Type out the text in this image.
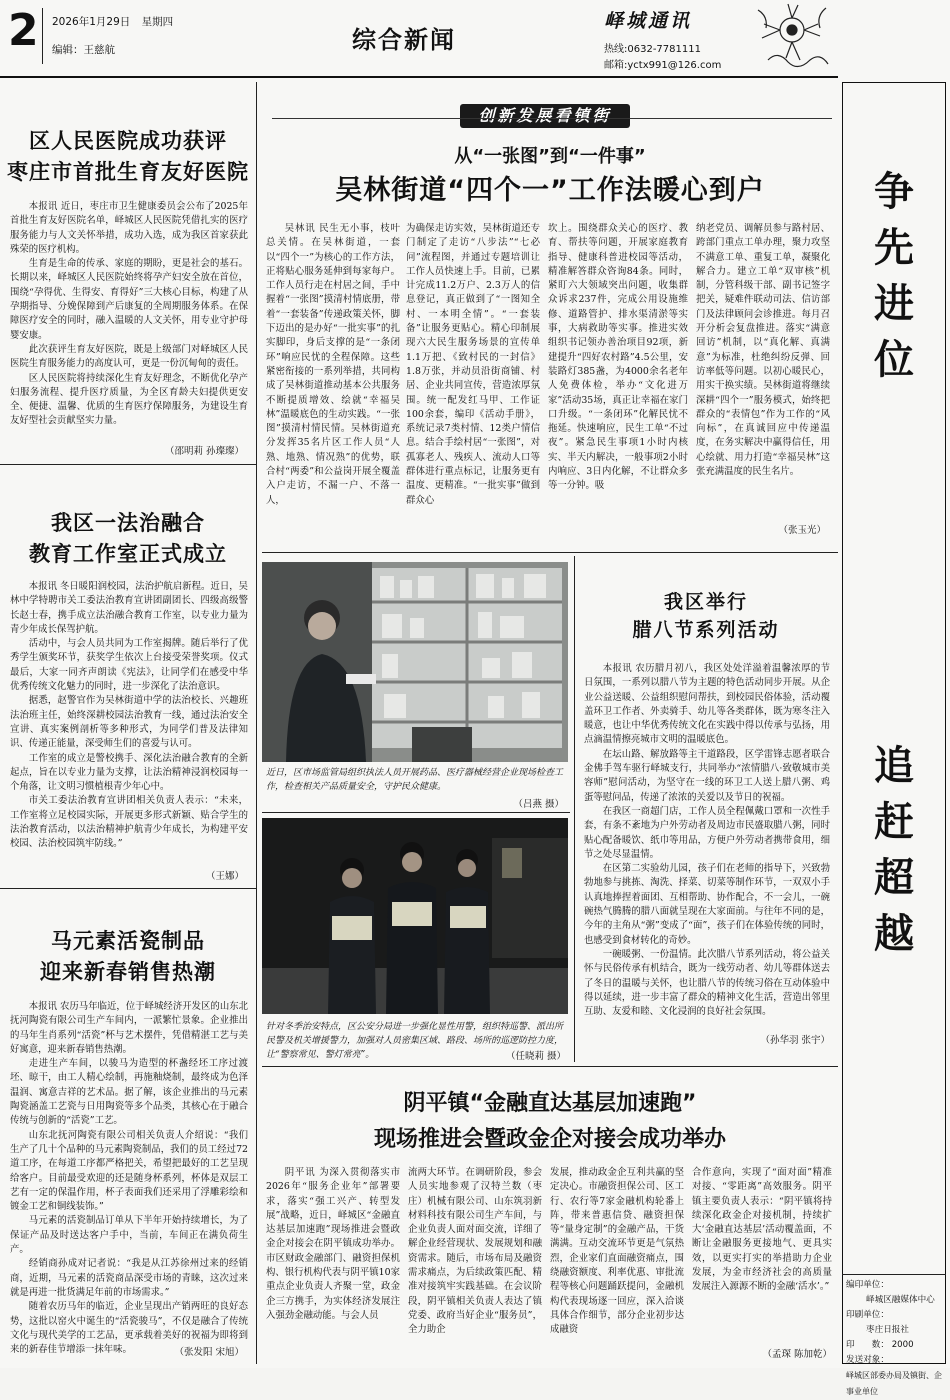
2 2026年1月29日 星期四
编辑：王慈航	综合新闻
峄城通讯
热线:0632-7781111
邮箱:yctx991@126.com
区人民医院成功获评
枣庄市首批生育友好医院

本报讯 近日，枣庄市卫生健康委员会公布了2025年首批生育友好医院名单，峄城区人民医院凭借扎实的医疗服务能力与人文关怀举措，成功入选，成为我区首家获此殊荣的医疗机构。

生育是生命的传承、家庭的期盼，更是社会的基石。长期以来，峄城区人民医院始终将孕产妇安全放在首位，围绕“孕得优、生得安、育得好”三大核心目标，构建了从孕期指导、分娩保障到产后康复的全周期服务体系。在保障医疗安全的同时，融入温暖的人文关怀，用专业守护母婴安康。

此次获评生育友好医院，既是上级部门对峄城区人民医院生育服务能力的高度认可，更是一份沉甸甸的责任。

区人民医院将持续深化生育友好理念，不断优化孕产妇服务流程、提升医疗质量，为全区育龄夫妇提供更安全、便捷、温馨、优质的生育医疗保障服务，为建设生育友好型社会贡献坚实力量。

（邵明莉 孙璨璨）
我区一法治融合
教育工作室正式成立

本报讯 冬日暖阳润校园，法治护航启新程。近日，吴林中学特聘市关工委法治教育宣讲团副团长、四级高级警长赵士春，携手成立法治融合教育工作室，以专业力量为青少年成长保驾护航。

活动中，与会人员共同为工作室揭牌。随后举行了优秀学生颁奖环节，获奖学生依次上台接受荣誉奖项。仪式最后，大家一同齐声朗读《宪法》，让同学们在感受中华优秀传统文化魅力的同时，进一步深化了法治意识。

据悉，赵警官作为吴林街道中学的法治校长、兴趣班法治班主任，始终深耕校园法治教育一线，通过法治安全宣讲、真实案例剖析等多种形式，为同学们普及法律知识、传递正能量，深受师生们的喜爱与认可。

工作室的成立是警校携手、深化法治融合教育的全新起点，旨在以专业力量为支撑，让法治精神浸润校园每一个角落，让文明习惯植根青少年心中。

市关工委法治教育宣讲团相关负责人表示：“未来，工作室将立足校园实际，开展更多形式新颖、贴合学生的法治教育活动，以法治精神护航青少年成长，为构建平安校园、法治校园筑牢防线。”

（王娜）
马元素活瓷制品
迎来新春销售热潮

本报讯 农历马年临近，位于峄城经济开发区的山东北抚河陶瓷有限公司生产车间内，一派繁忙景象。企业推出的马年生肖系列“活瓷”杯与艺术摆件，凭借精湛工艺与美好寓意，迎来新春销售热潮。

走进生产车间，以骏马为造型的杯盏经坯工序过渡坯、晾干，由工人精心绘制，再施釉烧制，最终成为色泽温润、寓意吉祥的艺术品。据了解，该企业推出的马元素陶瓷涵盖工艺瓷与日用陶瓷等多个品类，其核心在于融合传统与创新的“活瓷”工艺。

山东北抚河陶瓷有限公司相关负责人介绍说：“我们生产了几十个品种的马元素陶瓷制品，我们的员工经过72道工序，在每道工序都严格把关，希望把最好的工艺呈现给客户。目前最受欢迎的还是随身杯系列，杯体是双层工艺有一定的保温作用，杯子表面我们还采用了浮雕彩绘和镀金工艺和铜线装饰。”

马元素的活瓷制品订单从下半年开始持续增长，为了保证产品及时送达客户手中，当前，车间正在满负荷生产。

经销商孙成对记者说：“我是从江苏徐州过来的经销商，近期，马元素的活瓷商品深受市场的青睐，这次过来就是再进一批货满足年前的市场需求。”

随着农历马年的临近，企业呈现出产销两旺的良好态势，这批以窑火中诞生的“活瓷骏马”，不仅是融合了传统文化与现代美学的工艺品，更承载着美好的祝福为即将到来的新春佳节增添一抹年味。	（张发阳 宋旭）
创新发展看镇街
从“一张图”到“一件事”
吴林街道“四个一”工作法暖心到户
吴林讯 民生无小事，枝叶总关情。在吴林街道，一套以“四个一”为核心的工作方法，正将贴心服务延伸到每家每户。工作人员行走在村居之间，手中握着“一张图”摸清村情底册，带着“一套装备”传递政策关怀，脚下迈出的是办好“一批实事”的扎实脚印，身后支撑的是“一条闭环”响应民忧的全程保障。这些紧密衔接的一系列举措，共同构成了吴林街道推动基本公共服务不断提质增效、绘就“幸福吴林”温暖底色的生动实践。“一张图”摸清村情民情。吴林街道充分发挥35名片区工作人员“人熟、地熟、情况熟”的优势，联合村“两委”和公益岗开展全覆盖入户走访，不漏一户、不落一人，
为确保走访实效，吴林街道还专门制定了走访“八步法”“七必问”流程图，并通过专题培训让工作人员快速上手。目前，已累计完成11.2万户、2.3万人的信息登记，真正做到了“一图知全村、一本明全情”。“一套装备”让服务更贴心。精心印制展现六大民生服务场景的宣传单1.1万把、《致村民的一封信》1.8万张，并动员沿街商铺、村居、企业共同宣传，营造浓厚氛围。统一配发红马甲、工作证100余套，编印《活动手册》，系统记录7类村情、12类户情信息。结合手绘村居“一张图”，对孤寡老人、残疾人、流动人口等群体进行重点标记，让服务更有温度、更精准。“一批实事”做到群众心
坎上。围绕群众关心的医疗、教育、帮扶等问题，开展家庭教育指导、健康科普进校园等活动，精准解答群众咨询84条。同时，紧盯六大领域突出问题，收集群众诉求237件，完成公用设施维修、道路管护、排水渠清淤等实事，大病救助等实事。推进实效组织书记领办善治项目92项，新建提升“四好农村路”4.5公里，安装路灯385盏，为4000余名老年人免费体检，举办“文化进万家”活动35场，真正让幸福在家门口升级。“一条闭环”化解民忧不拖延。快速响应，民生工单“不过夜”。紧急民生事项1小时内核实、半天内解决，一般事项2小时内响应、3日内化解，不让群众多等一分钟。吸
纳老党员、调解员参与路村居、跨部门重点工单办理，聚力攻坚不满意工单、重复工单，凝聚化解合力。建立工单“双审核”机制，分管科级干部、副书记签字把关，疑难件联动司法、信访部门及法律顾问会诊推进。每月召开分析会复盘推进。落实“满意回访”机制，以“真化解、真满意”为标准，杜绝纠纷反弹、回访率低等问题。以初心暖民心，用实干换实绩。吴林街道将继续深耕“四个一”服务模式，始终把群众的“表情包”作为工作的“风向标”，在真诚回应中传递温度，在务实解决中赢得信任，用心绘就、用力打造“幸福吴林”这张充满温度的民生名片。
（张玉光）
近日，区市场监管局组织执法人员开展药品、医疗器械经营企业现场检查工作，检查相关产品质量安全，守护民众健康。
（吕燕 摄）
针对冬季治安特点，区公安分局进一步强化显性用警，组织特巡警、派出所民警及机关增援警力，加强对人员密集区域、路段、场所的巡逻防控力度，让“警察常见、警灯常亮”。	（任晓莉 摄）
我区举行
腊八节系列活动

本报讯 农历腊月初八，我区处处洋溢着温馨浓厚的节日氛围，一系列以腊八节为主题的特色活动同步开展。从企业公益送暖、公益组织慰问帮扶，到校园民俗体验，活动覆盖环卫工作者、外卖骑手、幼儿等各类群体，既为寒冬注入暖意，也让中华优秀传统文化在实践中得以传承与弘扬，用点滴温情擦亮城市文明的温暖底色。

在坛山路、解放路等主干道路段，区学雷锋志愿者联合金佛手驾车驱行峄城支行，共同举办“浓情腊八·致敬城市美容师”慰问活动，为坚守在一线的环卫工人送上腊八粥、鸡蛋等慰问品，传递了浓浓的关爱以及节日的祝福。

在我区一商超门店，工作人员全程佩戴口罩和一次性手套，有条不紊地为户外劳动者及周边市民盛取腊八粥，同时贴心配备暖饮、纸巾等用品，方便户外劳动者携带食用，细节之处尽显温情。

在区第二实验幼儿园，孩子们在老师的指导下，兴致勃勃地参与挑拣、淘洗、择菜、切菜等制作环节，一双双小手认真地捧捏着面团、互相帮助、协作配合，不一会儿，一碗碗热气腾腾的腊八面就呈现在大家面前。与往年不同的是，今年的主角从“粥”变成了“面”，孩子们在体验传统的同时，也感受到食材转化的奇妙。

一碗暖粥、一份温情。此次腊八节系列活动，将公益关怀与民俗传承有机结合，既为一线劳动者、幼儿等群体送去了冬日的温暖与关怀，也让腊八节的传统习俗在互动体验中得以延续，进一步丰富了群众的精神文化生活，营造出邻里互助、友爱和睦、文化浸润的良好社会氛围。

（孙华羽 张宇）
阴平镇“金融直达基层加速跑”
现场推进会暨政金企对接会成功举办
阴平讯 为深入贯彻落实市2026年“服务企业年”部署要求，落实“强工兴产、转型发展”战略，近日，峄城区“金融直达基层加速跑”现场推进会暨政金企对接会在阴平镇成功举办。市区财政金融部门、融资担保机构、银行机构代表与阴平镇10家重点企业负责人齐聚一堂，政金企三方携手，为实体经济发展注入强劲金融动能。与会人员
流两大环节。在调研阶段，参会人员实地参观了汉特兰数（枣庄）机械有限公司、山东筑羽新材料科技有限公司生产车间，与企业负责人面对面交流，详细了解企业经营现状、发展规划和融资需求。随后，市场布局及融资需求痛点，为后续政策匹配、精准对接筑牢实践基础。在会议阶段，阴平镇相关负责人表达了镇党委、政府当好企业“服务员”，全力助企
发展，推动政金企互利共赢的坚定决心。市融资担保公司、区工行、农行等7家金融机构轮番上阵，带来普惠信贷、融资担保等“量身定制”的金融产品，干货满满。互动交流环节更是气氛热烈，企业家们直面融资痛点，围绕融资额度、利率优惠、审批流程等核心问题踊跃提问，金融机构代表现场逐一回应，深入洽谈具体合作细节，部分企业初步达成融资
合作意向，实现了“面对面”精准对接、“零距离”高效服务。阴平镇主要负责人表示：“阴平镇将持续深化政金企对接机制，持续扩大‘金融直达基层’活动覆盖面，不断让金融服务更接地气、更具实效，以更实打实的举措助力企业发展，为金市经济社会的高质量发展注入源源不断的金融‘活水’。”
（孟琛 陈加乾）
争
先
进
位
追
赶
超
越
编印单位：
峄城区融媒体中心
印刷单位：
枣庄日报社
印　　数： 2000
发送对象：
峄城区部委办局及镇街、企事业单位
